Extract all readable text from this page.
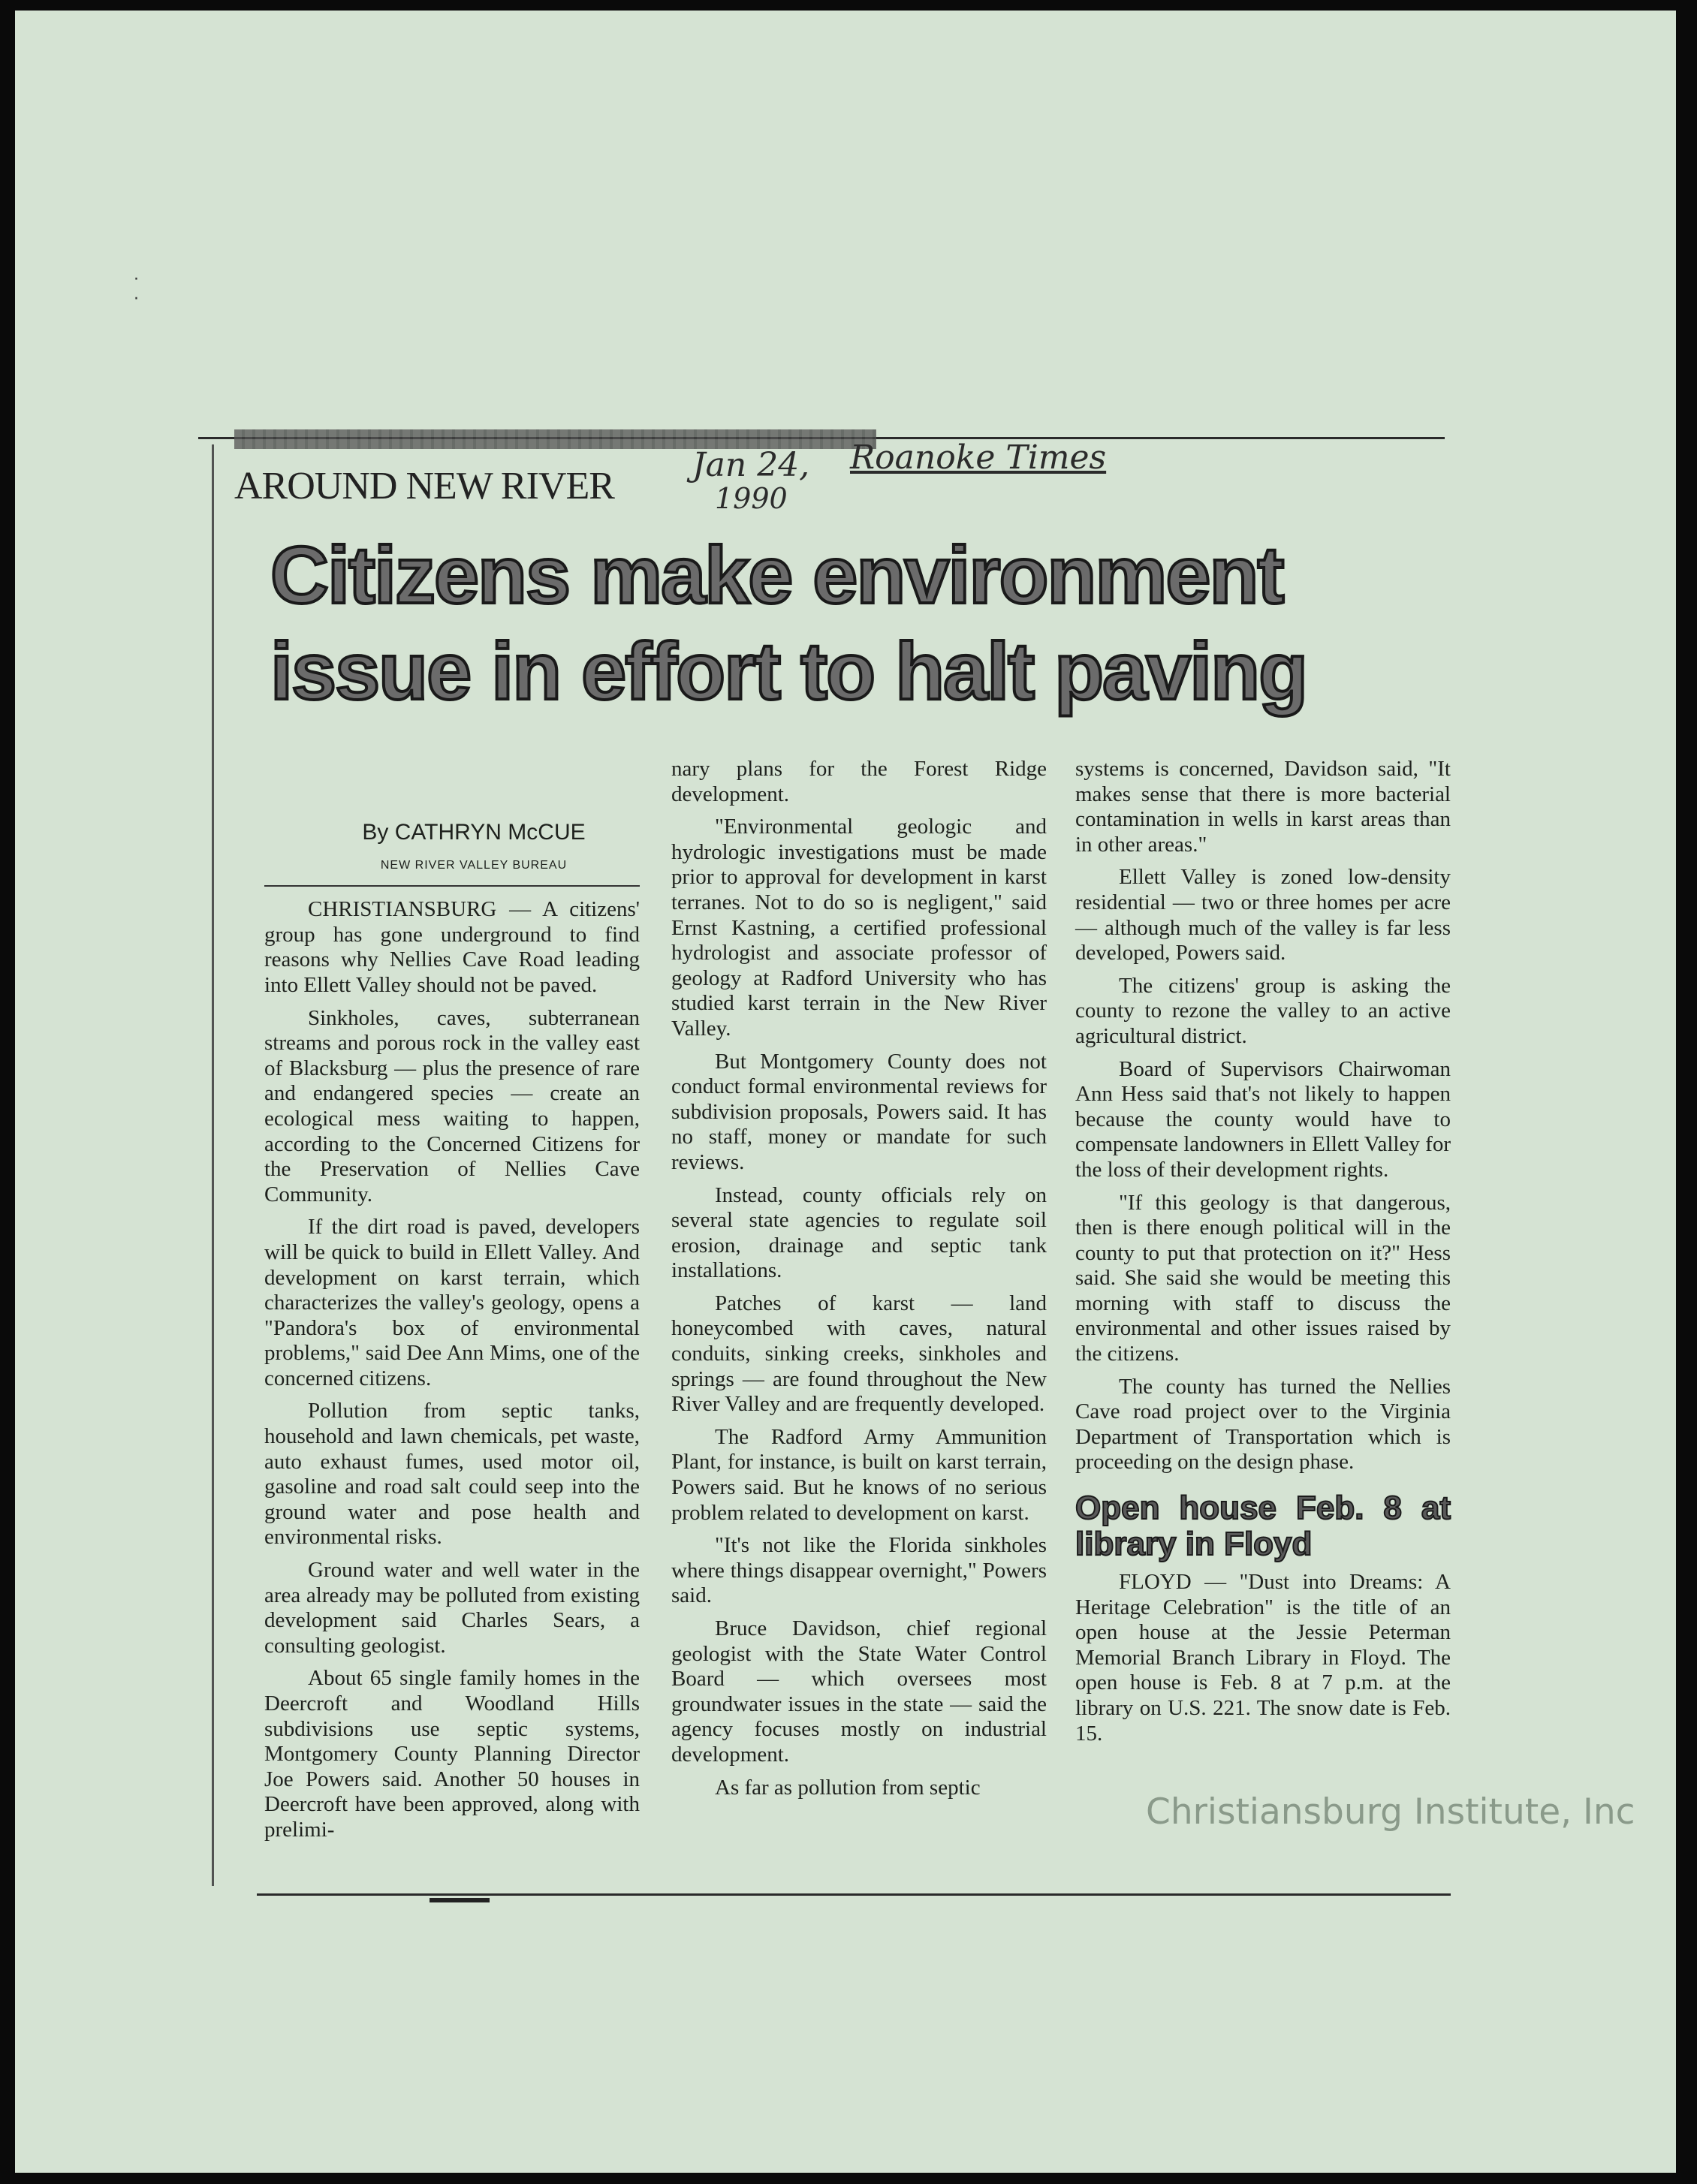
·
·
AROUND NEW RIVER Jan 24, Roanoke Times
1990
Citizens make environment issue in effort to halt paving

By CATHRYN McCUE

NEW RIVER VALLEY BUREAU

CHRISTIANSBURG — A citizens' group has gone underground to find reasons why Nellies Cave Road leading into Ellett Valley should not be paved.

Sinkholes, caves, subterranean streams and porous rock in the valley east of Blacksburg — plus the presence of rare and endangered species — create an ecological mess waiting to happen, according to the Concerned Citizens for the Preservation of Nellies Cave Community.

If the dirt road is paved, developers will be quick to build in Ellett Valley. And development on karst terrain, which characterizes the valley's geology, opens a "Pandora's box of environmental problems," said Dee Ann Mims, one of the concerned citizens.

Pollution from septic tanks, household and lawn chemicals, pet waste, auto exhaust fumes, used motor oil, gasoline and road salt could seep into the ground water and pose health and environmental risks.

Ground water and well water in the area already may be polluted from existing development said Charles Sears, a consulting geologist.

About 65 single family homes in the Deercroft and Woodland Hills subdivisions use septic systems, Montgomery County Planning Director Joe Powers said. Another 50 houses in Deercroft have been approved, along with prelimi-

nary plans for the Forest Ridge development.

"Environmental geologic and hydrologic investigations must be made prior to approval for development in karst terranes. Not to do so is negligent," said Ernst Kastning, a certified professional hydrologist and associate professor of geology at Radford University who has studied karst terrain in the New River Valley.

But Montgomery County does not conduct formal environmental reviews for subdivision proposals, Powers said. It has no staff, money or mandate for such reviews.

Instead, county officials rely on several state agencies to regulate soil erosion, drainage and septic tank installations.

Patches of karst — land honeycombed with caves, natural conduits, sinking creeks, sinkholes and springs — are found throughout the New River Valley and are frequently developed.

The Radford Army Ammunition Plant, for instance, is built on karst terrain, Powers said. But he knows of no serious problem related to development on karst.

"It's not like the Florida sinkholes where things disappear overnight," Powers said.

Bruce Davidson, chief regional geologist with the State Water Control Board — which oversees most groundwater issues in the state — said the agency focuses mostly on industrial development.

As far as pollution from septic

systems is concerned, Davidson said, "It makes sense that there is more bacterial contamination in wells in karst areas than in other areas."

Ellett Valley is zoned low-density residential — two or three homes per acre — although much of the valley is far less developed, Powers said.

The citizens' group is asking the county to rezone the valley to an active agricultural district.

Board of Supervisors Chairwoman Ann Hess said that's not likely to happen because the county would have to compensate landowners in Ellett Valley for the loss of their development rights.

"If this geology is that dangerous, then is there enough political will in the county to put that protection on it?" Hess said. She said she would be meeting this morning with staff to discuss the environmental and other issues raised by the citizens.

The county has turned the Nellies Cave road project over to the Virginia Department of Transportation which is proceeding on the design phase.

Open house Feb. 8 at library in Floyd

FLOYD — "Dust into Dreams: A Heritage Celebration" is the title of an open house at the Jessie Peterman Memorial Branch Library in Floyd. The open house is Feb. 8 at 7 p.m. at the library on U.S. 221. The snow date is Feb. 15.

Christiansburg Institute, Inc
